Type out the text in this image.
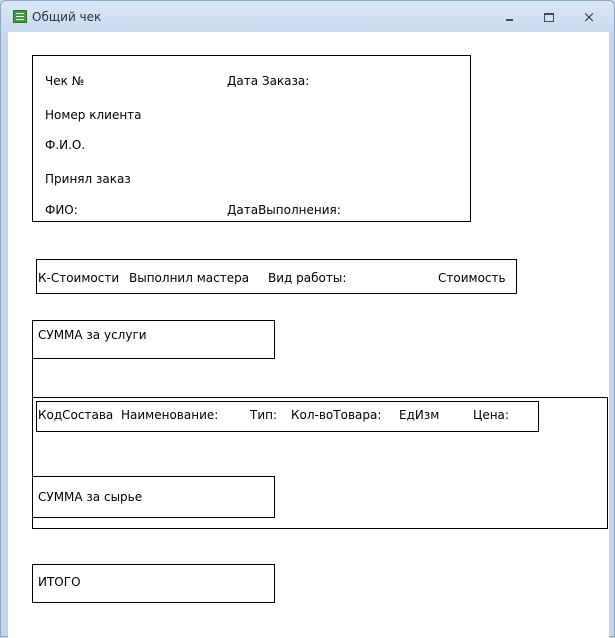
Общий чек	×
Чек №	Дата Заказа:
Номер клиента
Ф.И.О.
Принял заказ
ФИО:	ДатаВыполнения:
К-Стоимости Выполнил мастера Вид работы:	Стоимость
СУММА за услуги
КодСостава Наименование:	Тип: Кол-воТовара: ЕдИзм	Цена:
СУММА за сырье
ИТОГО
